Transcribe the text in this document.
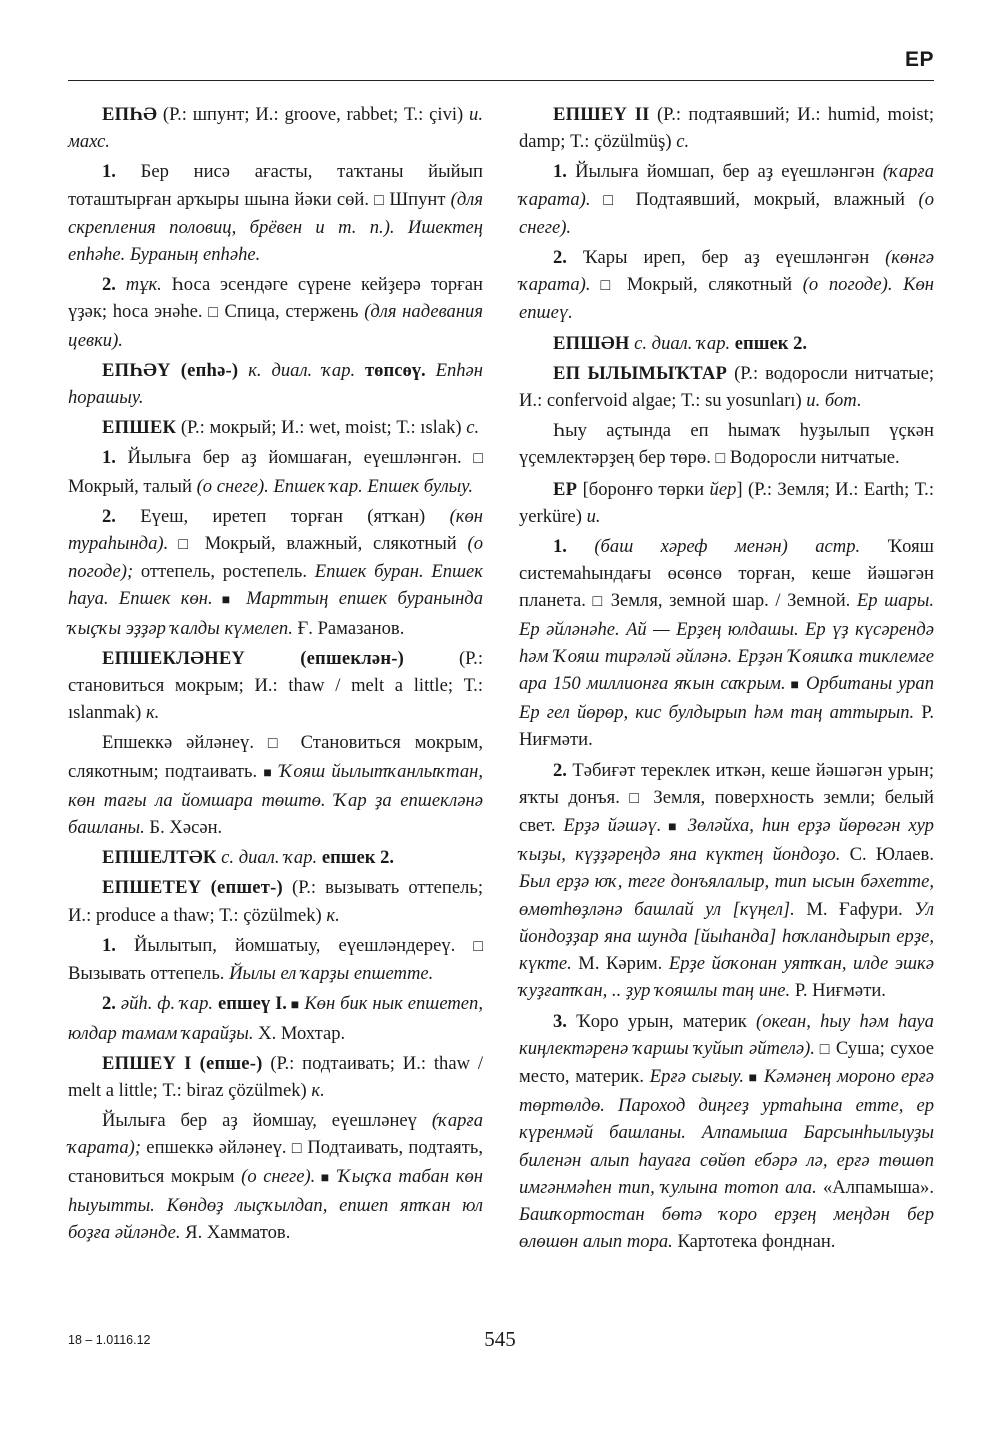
ЕР

ЕПҺӘ (Р.: шпунт; И.: groove, rabbet; Т.: çivi) и. махс.

1. Бер нисә ағасты, таҡтаны йыйып тоташтырған арҡыры шына йәки сөй. □ Шпунт (для скрепления половиц, брёвен и т. п.). Ишектең епһәһе. Бураның епһәһе.

2. тұк. Һоса эсендәге сүрене кейҙерә торған үҙәк; һоса энәһе. □ Спица, стержень (для надевания цевки).

ЕПҺӘҮ (епһә-) к. диал. ҡар. төпсөү. Епһән һорашыу.

ЕПШЕК (Р.: мокрый; И.: wet, moist; Т.: ıslak) с.

1. Йылыға бер аҙ йомшаған, еүешләнгән. □ Мокрый, талый (о снеге). Епшек ҡар. Епшек булыу.

2. Еүеш, иретеп торған (ятҡан) (көн тураһында). □ Мокрый, влажный, слякотный (о погоде); оттепель, ростепель. Епшек буран. Епшек һауа. Епшек көн. ■ Марттың епшек буранында ҡыҫҡы эҙҙәр ҡалды күмелеп. Ғ. Рамазанов.

ЕПШЕКЛӘНЕҮ (епшеклән-) (Р.: становиться мокрым; И.: thaw / melt a little; Т.: ıslanmak) к.

Епшеккә әйләнеү. □ Становиться мокрым, слякотным; подтаивать. ■ Ҡояш йылытҡанлыҡтан, көн тағы ла йомшара төштө. Ҡар ҙа епшекләнә башланы. Б. Хәсән.

ЕПШЕЛТӘК с. диал. ҡар. епшек 2.

ЕПШЕТЕҮ (епшет-) (Р.: вызывать оттепель; И.: produce a thaw; Т.: çözülmek) к.

1. Йылытып, йомшатыу, еүешләндереү. □ Вызывать оттепель. Йылы ел ҡарҙы епшетте.

2. әйһ. ф. ҡар. епшеү I. ■ Көн бик нык епшетеп, юлдар тамам ҡарайҙы. Х. Мохтар.

ЕПШЕҮ I (епше-) (Р.: подтаивать; И.: thaw / melt a little; Т.: biraz çözülmek) к.

Йылыға бер аҙ йомшау, еүешләнеү (ҡарға ҡарата); епшеккә әйләнеү. □ Подтаивать, подтаять, становиться мокрым (о снеге). ■ Ҡыҫҡа табан көн һыуытты. Көндөҙ лыҫҡылдап, епшеп ятҡан юл боҙға әйләнде. Я. Хамматов.

ЕПШЕҮ II (Р.: подтаявший; И.: humid, moist; damp; Т.: çözülmüş) с.

1. Йылыға йомшап, бер аҙ еүешләнгән (ҡарға ҡарата). □ Подтаявший, мокрый, влажный (о снеге).

2. Ҡары иреп, бер аҙ еүешләнгән (көнгә ҡарата). □ Мокрый, слякотный (о погоде). Көн епшеү.

ЕПШӘН с. диал. ҡар. епшек 2.

ЕП ЫЛЫМЫҠТАР (Р.: водоросли нитчатые; И.: confervoid algae; Т.: su yosunları) и. бот.

Һыу аҫтында еп һымаҡ һуҙылып үҫкән үҫемлектәрҙең бер төрө. □ Водоросли нитчатые.

ЕР [боронғо төрки йер] (Р.: Земля; И.: Earth; Т.: yerküre) и.

1. (баш хәреф менән) астр. Ҡояш системаһындағы өсөнсө торған, кеше йәшәгән планета. □ Земля, земной шар. / Земной. Ер шары. Ер әйләнәһе. Ай — Ерҙең юлдашы. Ер үҙ күсәрендә һәм Ҡояш тирәләй әйләнә. Ерҙән Ҡояшҡа тиклемге ара 150 миллионға яҡын саҡрым. ■ Орбитаны урап Ер гел йөрөр, кис булдырып һәм таң аттырып. Р. Ниғмәти.

2. Тәбиғәт тереклек иткән, кеше йәшәгән урын; яҡты донъя. □ Земля, поверхность земли; белый свет. Ерҙә йәшәү. ■ Зөләйха, һин ерҙә йөрөгән хур ҡыҙы, күҙҙәреңдә яна күктең йондоҙо. С. Юлаев. Был ерҙә юҡ, теге донъялалыр, тип ысын бәхетте, өмөтһөҙләнә башлай ул [күңел]. М. Ғафури. Ул йондоҙҙар яна шунда [йыһанда] һоҡландырып ерҙе, күкте. М. Кәрим. Ерҙе йоҡонан уятҡан, илде эшкә ҡуҙғатҡан, .. ҙур ҡояшлы таң ине. Р. Ниғмәти.

3. Ҡоро урын, материк (океан, һыу һәм һауа киңлектәренә ҡаршы ҡуйып әйтелә). □ Суша; сухое место, материк. Ерғә сығыу. ■ Кәмәнең мороно ерғә төртөлдө. Пароход диңгеҙ уртаһына етте, ер күренмәй башланы. Алпамыша Барсынһылыуҙы биленән алып һауаға сөйөп ебәрә лә, ерғә төшөп имгәнмәһен тип, ҡулына тотоп ала. «Алпамыша». Башҡортостан бөтә ҡоро ерҙең меңдән бер өлөшөн алып тора. Картотека фонднан.

18 – 1.0116.12	545
